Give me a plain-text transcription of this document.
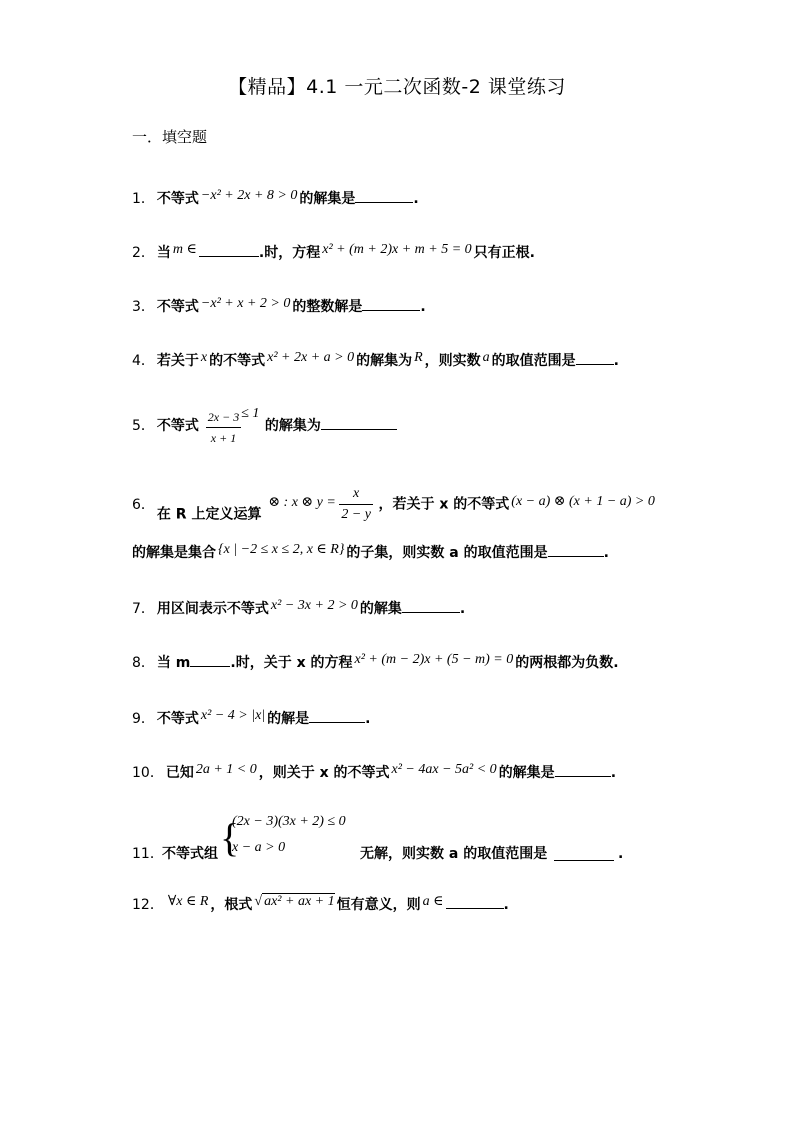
【精品】4.1 一元二次函数-2 课堂练习
一．填空题
1． 不等式 −x² + 2x + 8 > 0 的解集是	.
2． 当 m ∈	.时，方程 x² + (m + 2)x + m + 5 = 0 只有正根.
3． 不等式 −x² + x + 2 > 0 的整数解是	.
4． 若关于 x 的不等式 x² + 2x + a > 0 的解集为 R ，则实数 a 的取值范围是	.
5． 不等式 $\frac{2x - 3}{x + 1} \le 1$ 的解集为
6．在 R 上定义运算 ⊗ : x ⊗ $y = \frac{x}{2 - y}$ ，若关于 x 的不等式 (x − a) ⊗ (x + 1 − a) > 0
的解集是集合 {x | −2 ≤ x ≤ 2, x ∈ R} 的子集，则实数 a 的取值范围是	.
7． 用区间表示不等式 x² − 3x + 2 > 0 的解集	.
8． 当 m	.时，关于 x 的方程 x² + (m − 2)x + (5 − m) = 0 的两根都为负数.
9． 不等式 x² − 4 > |x| 的解是	.
10． 已知 2a + 1 < 0 ，则关于 x 的不等式 x² − 4ax − 5a² < 0 的解集是	.
11．
不等式组 {
(2x − 3)(3x + 2) ≤ 0
x − a > 0	无解，则实数 a 的取值范围是	.
12． ∀x ∈ R ，根式 √ ax² + ax + 1 恒有意义，则 a ∈	.
